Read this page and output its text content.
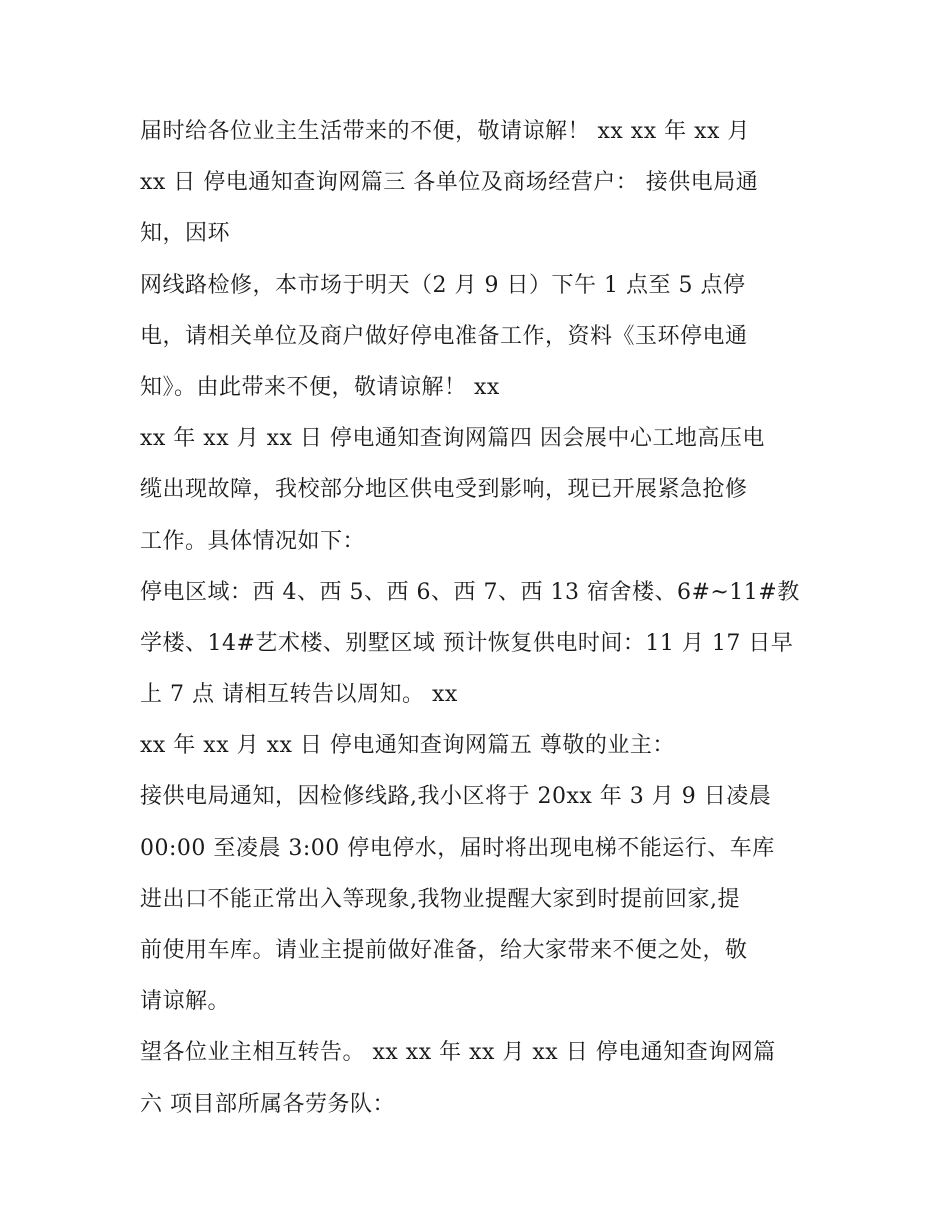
届时给各位业主生活带来的不便，敬请谅解！ xx xx 年 xx 月
xx 日 停电通知查询网篇三 各单位及商场经营户： 接供电局通
知，因环
网线路检修，本市场于明天（2 月 9 日）下午 1 点至 5 点停
电，请相关单位及商户做好停电准备工作，资料《玉环停电通
知》。由此带来不便，敬请谅解！ xx
xx 年 xx 月 xx 日 停电通知查询网篇四 因会展中心工地高压电
缆出现故障，我校部分地区供电受到影响，现已开展紧急抢修
工作。具体情况如下：
停电区域：西 4、西 5、西 6、西 7、西 13 宿舍楼、6#~11#教
学楼、14#艺术楼、别墅区域 预计恢复供电时间：11 月 17 日早
上 7 点 请相互转告以周知。 xx
xx 年 xx 月 xx 日 停电通知查询网篇五 尊敬的业主：
接供电局通知，因检修线路,我小区将于 20xx 年 3 月 9 日凌晨
00:00 至凌晨 3:00 停电停水，届时将出现电梯不能运行、车库
进出口不能正常出入等现象,我物业提醒大家到时提前回家,提
前使用车库。请业主提前做好准备，给大家带来不便之处，敬
请谅解。
望各位业主相互转告。 xx xx 年 xx 月 xx 日 停电通知查询网篇
六 项目部所属各劳务队：
